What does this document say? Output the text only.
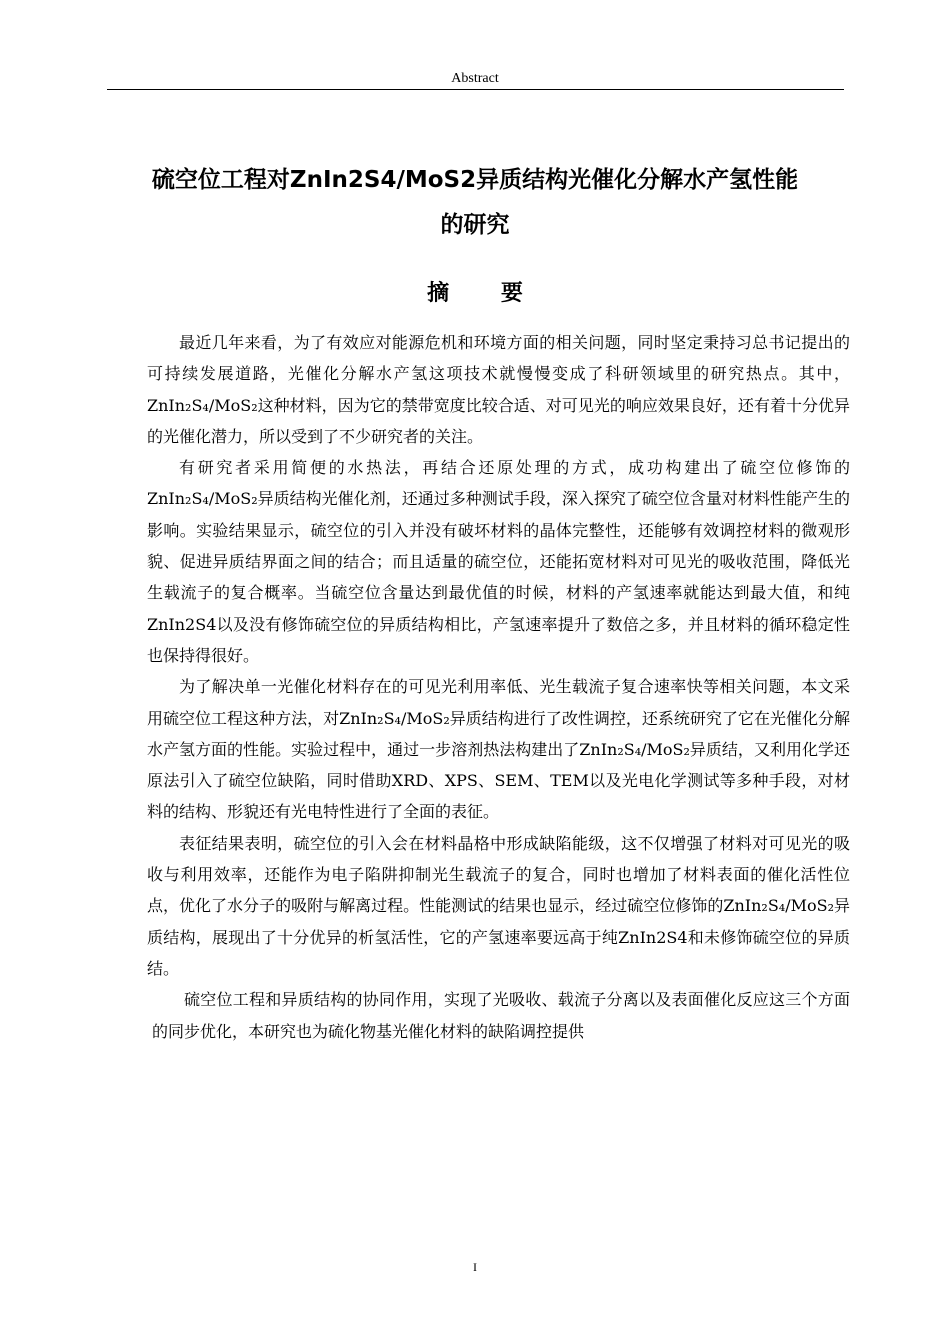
Abstract
硫空位工程对ZnIn2S4/MoS2异质结构光催化分解水产氢性能的研究
摘 要

最近几年来看，为了有效应对能源危机和环境方面的相关问题，同时坚定秉持习总书记提出的可持续发展道路，光催化分解水产氢这项技术就慢慢变成了科研领域里的研究热点。其中，ZnIn₂S₄/MoS₂这种材料，因为它的禁带宽度比较合适、对可见光的响应效果良好，还有着十分优异的光催化潜力，所以受到了不少研究者的关注。

有研究者采用简便的水热法，再结合还原处理的方式，成功构建出了硫空位修饰的ZnIn₂S₄/MoS₂异质结构光催化剂，还通过多种测试手段，深入探究了硫空位含量对材料性能产生的影响。实验结果显示，硫空位的引入并没有破坏材料的晶体完整性，还能够有效调控材料的微观形貌、促进异质结界面之间的结合；而且适量的硫空位，还能拓宽材料对可见光的吸收范围，降低光生载流子的复合概率。当硫空位含量达到最优值的时候，材料的产氢速率就能达到最大值，和纯ZnIn2S4以及没有修饰硫空位的异质结构相比，产氢速率提升了数倍之多，并且材料的循环稳定性也保持得很好。

为了解决单一光催化材料存在的可见光利用率低、光生载流子复合速率快等相关问题，本文采用硫空位工程这种方法，对ZnIn₂S₄/MoS₂异质结构进行了改性调控，还系统研究了它在光催化分解水产氢方面的性能。实验过程中，通过一步溶剂热法构建出了ZnIn₂S₄/MoS₂异质结，又利用化学还原法引入了硫空位缺陷，同时借助XRD、XPS、SEM、TEM以及光电化学测试等多种手段，对材料的结构、形貌还有光电特性进行了全面的表征。

表征结果表明，硫空位的引入会在材料晶格中形成缺陷能级，这不仅增强了材料对可见光的吸收与利用效率，还能作为电子陷阱抑制光生载流子的复合，同时也增加了材料表面的催化活性位点，优化了水分子的吸附与解离过程。性能测试的结果也显示，经过硫空位修饰的ZnIn₂S₄/MoS₂异质结构，展现出了十分优异的析氢活性，它的产氢速率要远高于纯ZnIn2S4和未修饰硫空位的异质结。

硫空位工程和异质结构的协同作用，实现了光吸收、载流子分离以及表面催化反应这三个方面的同步优化，本研究也为硫化物基光催化材料的缺陷调控提供

I
